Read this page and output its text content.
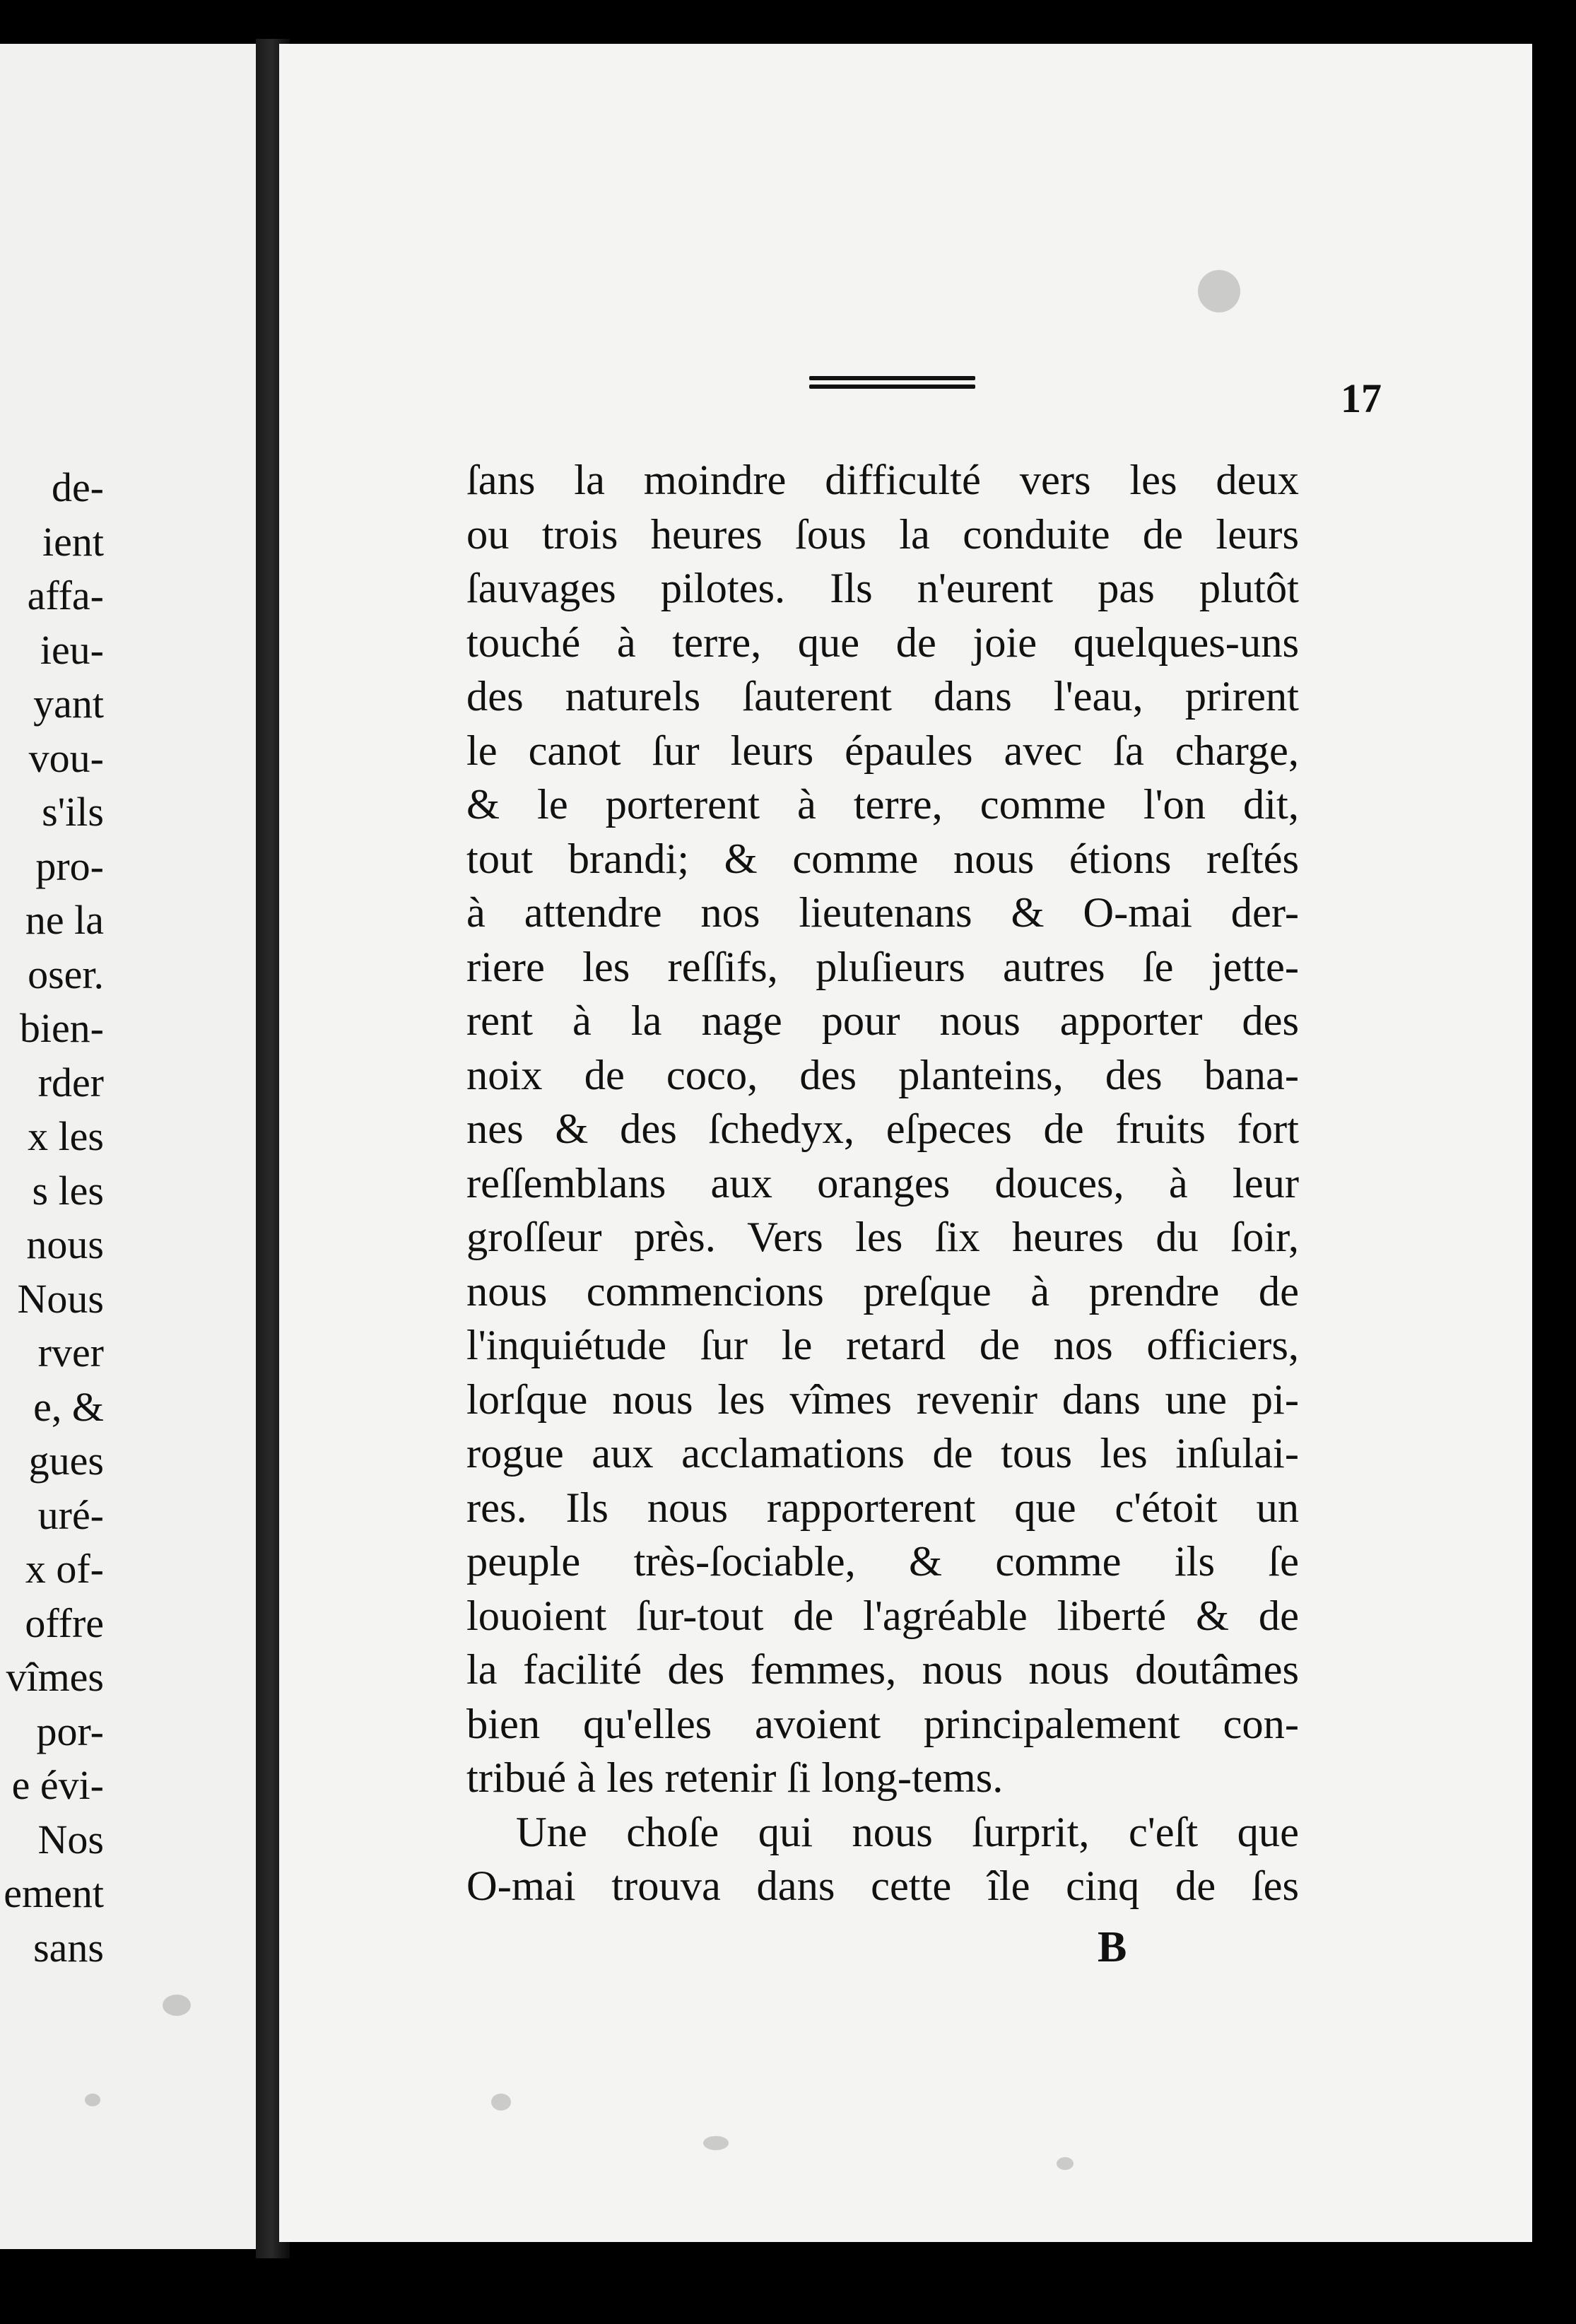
de-
ient
affa-
ieu-
yant
vou-
s'ils
pro-
ne la
oser.
bien-
rder
x les
s les
nous
Nous
rver
e, &
gues
uré-
x of-
offre
vîmes
por-
e évi-
Nos
ement
sans
17
ſans la moindre difficulté vers les deux
ou trois heures ſous la conduite de leurs
ſauvages pilotes. Ils n'eurent pas plutôt
touché à terre, que de joie quelques-uns
des naturels ſauterent dans l'eau, prirent
le canot ſur leurs épaules avec ſa charge,
& le porterent à terre, comme l'on dit,
tout brandi; & comme nous étions reſtés
à attendre nos lieutenans & O-mai der-
riere les reſſifs, pluſieurs autres ſe jette-
rent à la nage pour nous apporter des
noix de coco, des planteins, des bana-
nes & des ſchedyx, eſpeces de fruits fort
reſſemblans aux oranges douces, à leur
groſſeur près. Vers les ſix heures du ſoir,
nous commencions preſque à prendre de
l'inquiétude ſur le retard de nos officiers,
lorſque nous les vîmes revenir dans une pi-
rogue aux acclamations de tous les inſulai-
res. Ils nous rapporterent que c'étoit un
peuple très-ſociable, & comme ils ſe
louoient ſur-tout de l'agréable liberté & de
la facilité des femmes, nous nous doutâmes
bien qu'elles avoient principalement con-
tribué à les retenir ſi long-tems.
Une choſe qui nous ſurprit, c'eſt que
O-mai trouva dans cette île cinq de ſes
B
